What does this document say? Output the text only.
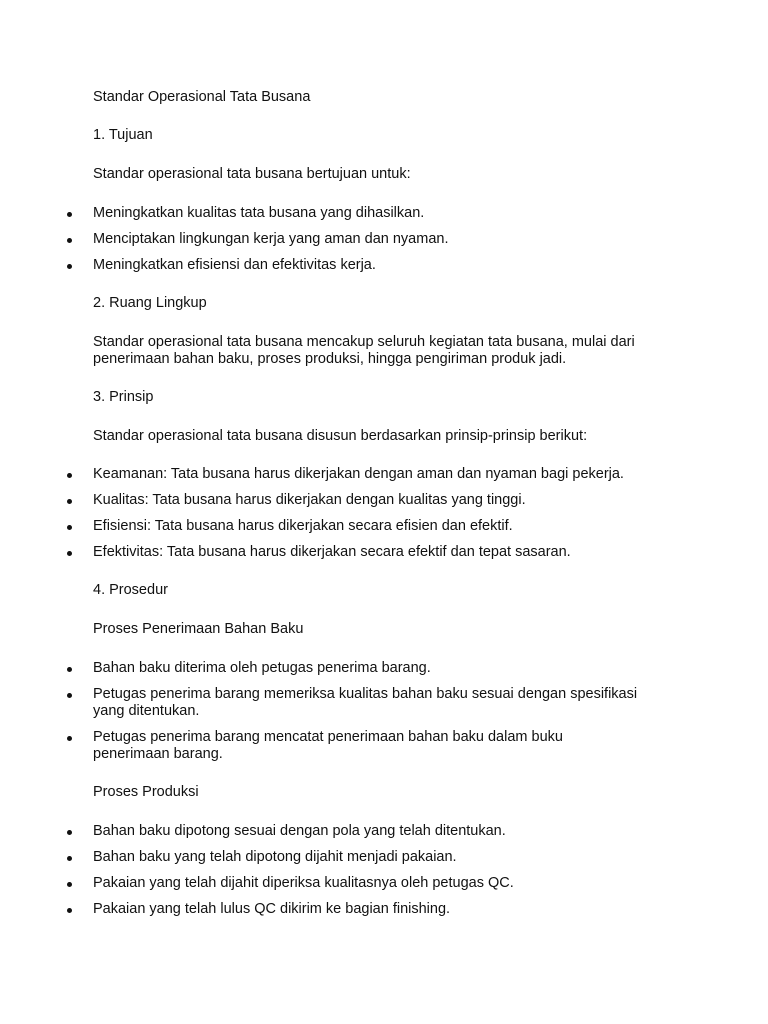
Standar Operasional Tata Busana

1. Tujuan

Standar operasional tata busana bertujuan untuk:

Meningkatkan kualitas tata busana yang dihasilkan.
Menciptakan lingkungan kerja yang aman dan nyaman.
Meningkatkan efisiensi dan efektivitas kerja.

2. Ruang Lingkup

Standar operasional tata busana mencakup seluruh kegiatan tata busana, mulai dari

penerimaan bahan baku, proses produksi, hingga pengiriman produk jadi.

3. Prinsip

Standar operasional tata busana disusun berdasarkan prinsip-prinsip berikut:

Keamanan: Tata busana harus dikerjakan dengan aman dan nyaman bagi pekerja.
Kualitas: Tata busana harus dikerjakan dengan kualitas yang tinggi.
Efisiensi: Tata busana harus dikerjakan secara efisien dan efektif.
Efektivitas: Tata busana harus dikerjakan secara efektif dan tepat sasaran.

4. Prosedur

Proses Penerimaan Bahan Baku

Bahan baku diterima oleh petugas penerima barang.
Petugas penerima barang memeriksa kualitas bahan baku sesuai dengan spesifikasi
yang ditentukan.
Petugas penerima barang mencatat penerimaan bahan baku dalam buku
penerimaan barang.

Proses Produksi

Bahan baku dipotong sesuai dengan pola yang telah ditentukan.
Bahan baku yang telah dipotong dijahit menjadi pakaian.
Pakaian yang telah dijahit diperiksa kualitasnya oleh petugas QC.
Pakaian yang telah lulus QC dikirim ke bagian finishing.
